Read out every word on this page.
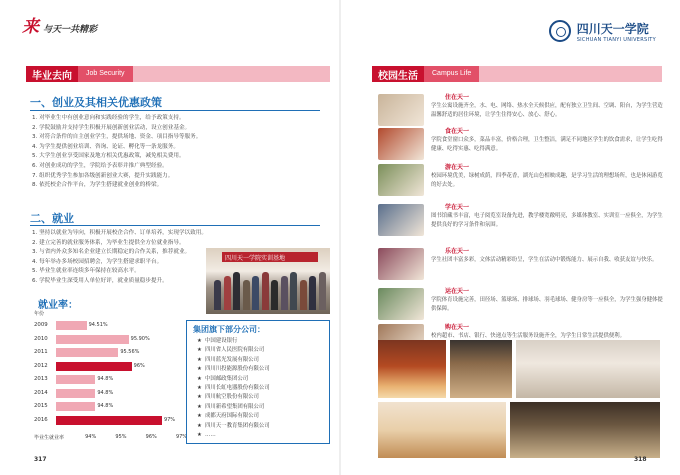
来与天一共精彩	四川天一学院
SICHUAN TIANYI UNIVERSITY
毕业去向	Job Security
一、创业及其相关优惠政策
1. 对毕业生中有创业意向和实践经验的学生，给予政策支持。
2. 学院鼓励并支持学生积极开展创新创业活动，设立创业基金。
3. 对符合条件的自主创业学生，提供场地、资金、项目指导等服务。
4. 为学生提供创业培训、咨询、论证、孵化等一条龙服务。
5. 大学生创业享受国家及地方相关优惠政策，减免相关费用。
6. 对创业成功的学生，学院给予表彰并推广典型经验。
7. 组织优秀学生参加各级创新创业大赛，提升实践能力。
8. 依托校企合作平台，为学生搭建就业创业的桥梁。
二、就业
1. 坚持以就业为导向，积极开展校企合作、订单培养，实现学以致用。
2. 建立完善的就业服务体系，为毕业生提供全方位就业指导。
3. 与省内外众多知名企业建立长期稳定的合作关系，推荐就业。
4. 每年举办多场校园招聘会，为学生搭建求职平台。
5. 毕业生就业率连续多年保持在较高水平。
6. 学院毕业生深受用人单位好评，就业质量稳步提升。
就业率：
年份
2009	94.51%
2010	95.90%
2011	95.56%
2012	96%
2013	94.8%
2014	94.8%
2015	94.8%
2016	97%
毕业生就业率	94%	95%	96%	97%
四川天一学院实训基地
集团旗下部分公司：
★ 中国建设银行
★ 四川省人民医院有限公司
★ 四川蓝光发展有限公司
★ 四川川投能源股份有限公司
★ 中国邮政集团公司
★ 四川长虹电器股份有限公司
★ 四川航空股份有限公司
★ 四川新希望集团有限公司
★ 成都天府国际有限公司
★ 四川天一教育集团有限公司
★ ……
317
校园生活	Campus Life
住在天一
学生公寓设施齐全，水、电、网络、热水全天候供应，配有独立卫生间、空调、阳台，为学生营造温馨舒适的居住环境，让学生住得安心、放心、舒心。
食在天一
学院食堂窗口众多，菜品丰富，价格合理，卫生整洁，满足不同地区学生的饮食需求，让学生吃得健康、吃得实惠、吃得满意。
游在天一
校园环境优美，绿树成荫，四季花香，湖光山色相映成趣，是学习生活的理想场所，也是休闲游览的好去处。
学在天一
图书馆藏书丰富，电子阅览室设备先进，教学楼宽敞明亮，多媒体教室、实训室一应俱全，为学生提供良好的学习条件和氛围。
乐在天一
学生社团丰富多彩，文体活动精彩纷呈，学生在活动中锻炼能力、展示自我、收获友谊与快乐。
运在天一
学院体育设施完善，田径场、篮球场、排球场、羽毛球场、健身房等一应俱全，为学生强身健体提供保障。
购在天一
校内超市、书店、银行、快递点等生活服务设施齐全，为学生日常生活提供便利。
318
